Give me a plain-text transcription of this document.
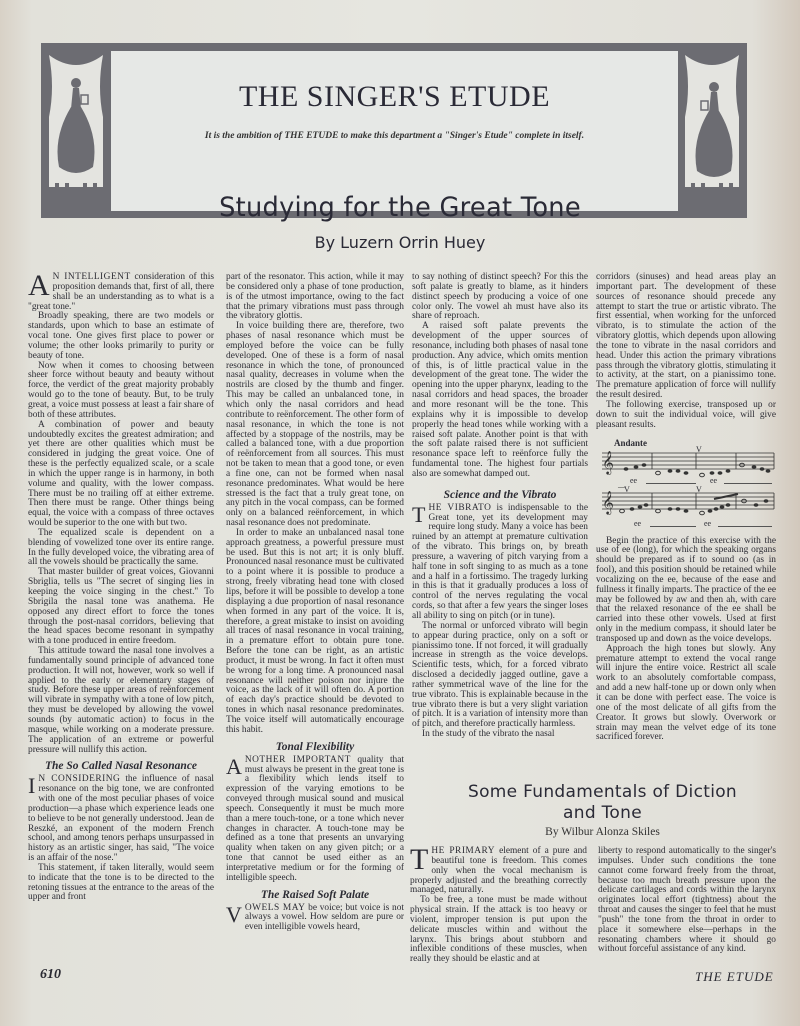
THE SINGER'S ETUDE
It is the ambition of THE ETUDE to make this department a "Singer's Etude" complete in itself.
Studying for the Great Tone
By Luzern Orrin Huey

A N INTELLIGENT consideration of this proposition demands that, first of all, there shall be an understanding as to what is a "great tone."

Broadly speaking, there are two models or standards, upon which to base an estimate of vocal tone. One gives first place to power or volume; the other looks primarily to purity or beauty of tone.

Now when it comes to choosing between sheer force without beauty and beauty without force, the verdict of the great majority probably would go to the tone of beauty. But, to be truly great, a voice must possess at least a fair share of both of these attributes.

A combination of power and beauty undoubtedly excites the greatest admiration; and yet there are other qualities which must be considered in judging the great voice. One of these is the perfectly equalized scale, or a scale in which the upper range is in harmony, in both volume and quality, with the lower compass. There must be no trailing off at either extreme. Then there must be range. Other things being equal, the voice with a compass of three octaves would be superior to the one with but two.

The equalized scale is dependent on a blending of vowelized tone over its entire range. In the fully developed voice, the vibrating area of all the vowels should be practically the same.

That master builder of great voices, Giovanni Sbriglia, tells us "The secret of singing lies in keeping the voice singing in the chest." To Sbrigila the nasal tone was anathema. He opposed any direct effort to force the tones through the post-nasal corridors, believing that the head spaces become resonant in sympathy with a tone produced in entire freedom.

This attitude toward the nasal tone involves a fundamentally sound principle of advanced tone production. It will not, however, work so well if applied to the early or elementary stages of study. Before these upper areas of reënforcement will vibrate in sympathy with a tone of low pitch, they must be developed by allowing the vowel sounds (by automatic action) to focus in the masque, while working on a moderate pressure. The application of an extreme or powerful pressure will nullify this action.

The So Called Nasal Resonance

I N CONSIDERING the influence of nasal resonance on the big tone, we are confronted with one of the most peculiar phases of voice production—a phase which experience leads one to believe to be not generally understood. Jean de Reszké, an exponent of the modern French school, and among tenors perhaps unsurpassed in history as an artistic singer, has said, "The voice is an affair of the nose."

This statement, if taken literally, would seem to indicate that the tone is to be directed to the retoning tissues at the entrance to the areas of the upper and front

part of the resonator. This action, while it may be considered only a phase of tone production, is of the utmost importance, owing to the fact that the primary vibrations must pass through the vibratory glottis.

In voice building there are, therefore, two phases of nasal resonance which must be employed before the voice can be fully developed. One of these is a form of nasal resonance in which the tone, of pronounced nasal quality, decreases in volume when the nostrils are closed by the thumb and finger. This may be called an unbalanced tone, in which only the nasal corridors and head contribute to reënforcement. The other form of nasal resonance, in which the tone is not affected by a stoppage of the nostrils, may be called a balanced tone, with a due proportion of reënforcement from all sources. This must not be taken to mean that a good tone, or even a fine one, can not be formed when nasal resonance predominates. What would be here stressed is the fact that a truly great tone, on any pitch in the vocal compass, can be formed only on a balanced reënforcement, in which nasal resonance does not predominate.

In order to make an unbalanced nasal tone approach greatness, a powerful pressure must be used. But this is not art; it is only bluff. Pronounced nasal resonance must be cultivated to a point where it is possible to produce a strong, freely vibrating head tone with closed lips, before it will be possible to develop a tone displaying a due proportion of nasal resonance when formed in any part of the voice. It is, therefore, a great mistake to insist on avoiding all traces of nasal resonance in vocal training, in a premature effort to obtain pure tone. Before the tone can be right, as an artistic product, it must be wrong. In fact it often must be wrong for a long time. A pronounced nasal resonance will neither poison nor injure the voice, as the lack of it will often do. A portion of each day's practice should be devoted to tones in which nasal resonance predominates. The voice itself will automatically encourage this habit.

Tonal Flexibility

ANOTHER IMPORTANT quality that must always be present in the great tone is a flexibility which lends itself to expression of the varying emotions to be conveyed through musical sound and musical speech. Consequently it must be much more than a mere touch-tone, or a tone which never changes in character. A touch-tone may be defined as a tone that presents an unvarying quality when taken on any given pitch; or a tone that cannot be used either as an interpretative medium or for the forming of intelligible speech.

The Raised Soft Palate

VOWELS MAY be voice; but voice is not always a vowel. How seldom are pure or even intelligible vowels heard,

to say nothing of distinct speech? For this the soft palate is greatly to blame, as it hinders distinct speech by producing a voice of one color only. The vowel ah must have also its share of reproach.

A raised soft palate prevents the development of the upper sources of resonance, including both phases of nasal tone production. Any advice, which omits mention of this, is of little practical value in the development of the great tone. The wider the opening into the upper pharynx, leading to the nasal corridors and head spaces, the broader and more resonant will be the tone. This explains why it is impossible to develop properly the head tones while working with a raised soft palate. Another point is that with the soft palate raised there is not sufficient resonance space left to reënforce fully the fundamental tone. The highest four partials also are somewhat damped out.

Science and the Vibrato

THE VIBRATO is indispensable to the Great tone, yet its development may require long study. Many a voice has been ruined by an attempt at premature cultivation of the vibrato. This brings on, by breath pressure, a wavering of pitch varying from a half tone in soft singing to as much as a tone and a half in a fortissimo. The tragedy lurking in this is that it gradually produces a loss of control of the nerves regulating the vocal cords, so that after a few years the singer loses all ability to sing on pitch (or in tune).

The normal or unforced vibrato will begin to appear during practice, only on a soft or pianissimo tone. If not forced, it will gradually increase in strength as the voice develops. Scientific tests, which, for a forced vibrato disclosed a decidedly jagged outline, gave a rather symmetrical wave of the line for the true vibrato. This is explainable because in the true vibrato there is but a very slight variation of pitch. It is a variation of intensity more than of pitch, and therefore practically harmless.

In the study of the vibrato the nasal

corridors (sinuses) and head areas play an important part. The development of these sources of resonance should precede any attempt to start the true or artistic vibrato. The first essential, when working for the unforced vibrato, is to stimulate the action of the vibratory glottis, which depends upon allowing the tone to vibrate in the nasal corridors and head. Under this action the primary vibrations pass through the vibratory glottis, stimulating it to activity, at the start, on a pianissimo tone. The premature application of force will nullify the result desired.

The following exercise, transposed up or down to suit the individual voice, will give pleasant results.

Andante
𝄞
𝄞
—
V
V	V
ee	ee
ee	ee

Begin the practice of this exercise with the use of ee (long), for which the speaking organs should be prepared as if to sound oo (as in fool), and this position should be retained while vocalizing on the ee, because of the ease and fullness it finally imparts. The practice of the ee may be followed by aw and then ah, with care that the relaxed resonance of the ee shall be carried into these other vowels. Used at first only in the medium compass, it should later be transposed up and down as the voice develops.

Approach the high tones but slowly. Any premature attempt to extend the vocal range will injure the entire voice. Restrict all scale work to an absolutely comfortable compass, and add a new half-tone up or down only when it can be done with perfect ease. The voice is one of the most delicate of all gifts from the Creator. It grows but slowly. Overwork or strain may mean the velvet edge of its tone sacrificed forever.

Some Fundamentals of Diction
and Tone
By Wilbur Alonza Skiles

THE PRIMARY element of a pure and beautiful tone is freedom. This comes only when the vocal mechanism is properly adjusted and the breathing correctly managed, naturally.

To be free, a tone must be made without physical strain. If the attack is too heavy or violent, improper tension is put upon the delicate muscles within and without the larynx. This brings about stubborn and inflexible conditions of these muscles, when really they should be elastic and at

liberty to respond automatically to the singer's impulses. Under such conditions the tone cannot come forward freely from the throat, because too much breath pressure upon the delicate cartilages and cords within the larynx originates local effort (tightness) about the throat and causes the singer to feel that he must "push" the tone from the throat in order to place it somewhere else—perhaps in the resonating chambers where it should go without forceful assistance of any kind.

610	THE ETUDE
